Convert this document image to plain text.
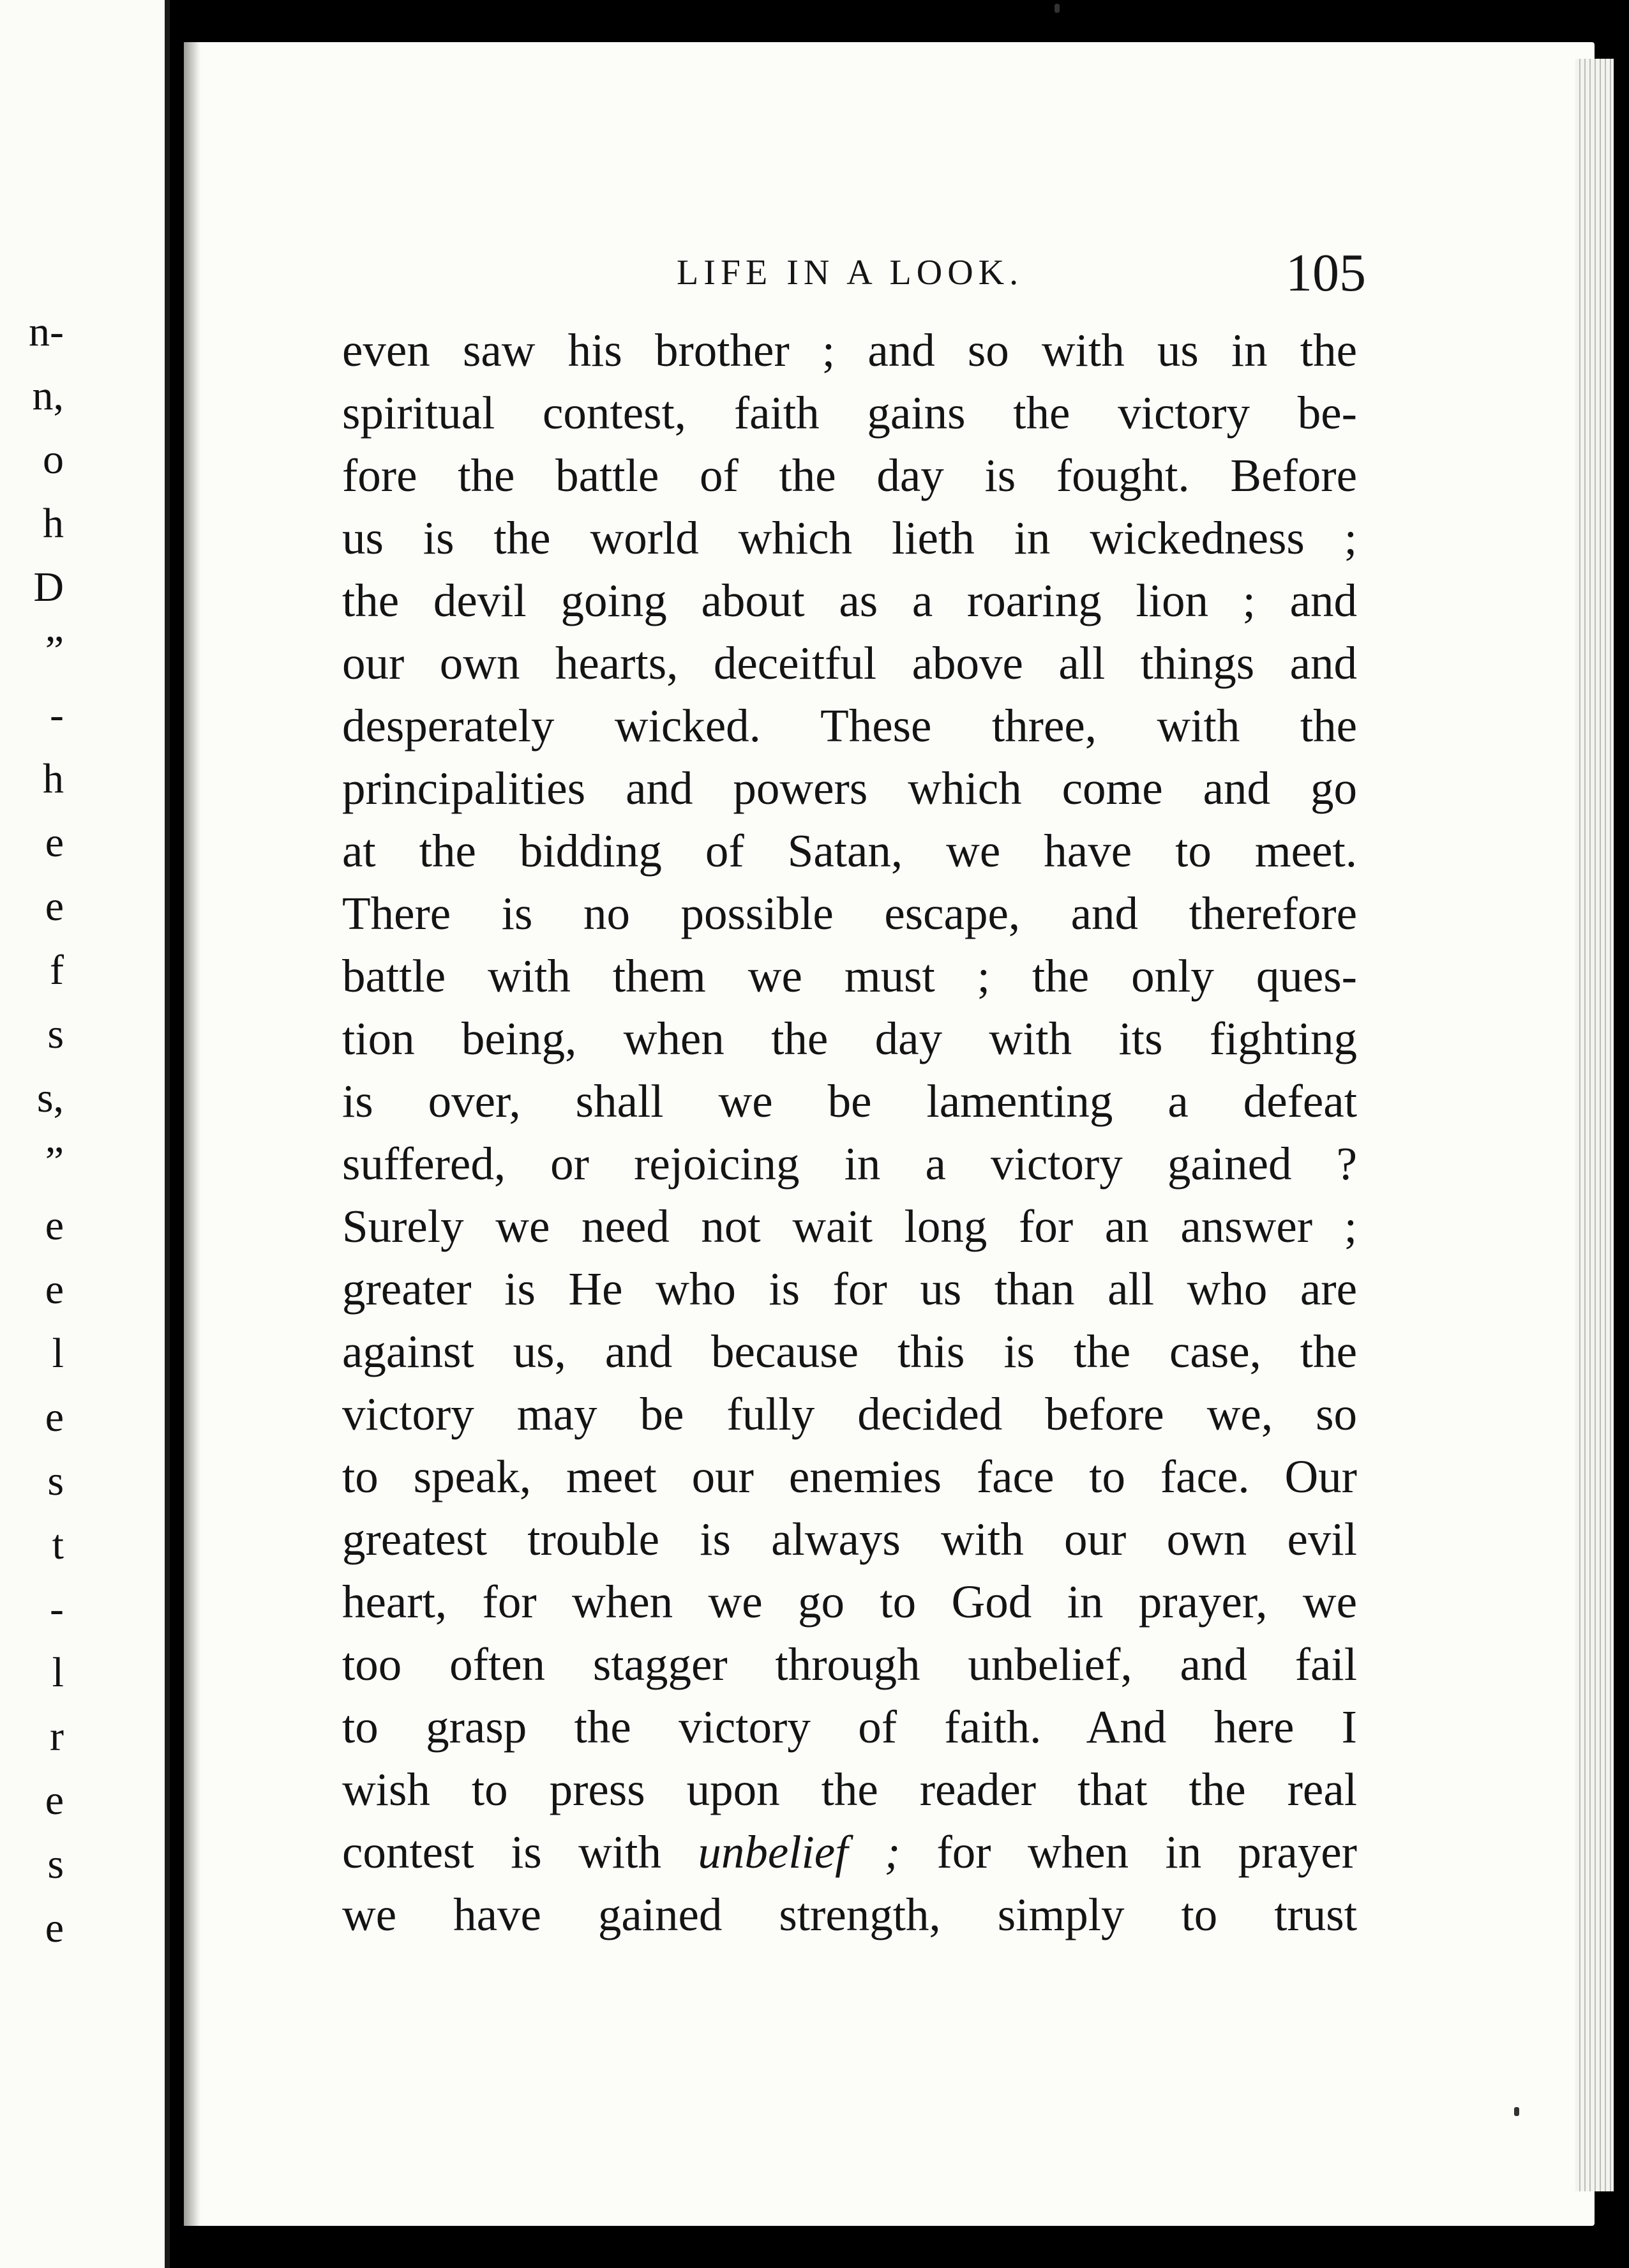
n-
n,
o
h
D
”
-
h
e
e
f
s
s,
”
e
e
l
e
s
t
-
l
r
e
s
e
LIFE IN A LOOK.	105
even saw his brother ; and so with us in the
spiritual contest, faith gains the victory be-
fore the battle of the day is fought. Before
us is the world which lieth in wickedness ;
the devil going about as a roaring lion ; and
our own hearts, deceitful above all things and
desperately wicked. These three, with the
principalities and powers which come and go
at the bidding of Satan, we have to meet.
There is no possible escape, and therefore
battle with them we must ; the only ques-
tion being, when the day with its fighting
is over, shall we be lamenting a defeat
suffered, or rejoicing in a victory gained ?
Surely we need not wait long for an answer ;
greater is He who is for us than all who are
against us, and because this is the case, the
victory may be fully decided before we, so
to speak, meet our enemies face to face. Our
greatest trouble is always with our own evil
heart, for when we go to God in prayer, we
too often stagger through unbelief, and fail
to grasp the victory of faith. And here I
wish to press upon the reader that the real
contest is with unbelief ; for when in prayer
we have gained strength, simply to trust
